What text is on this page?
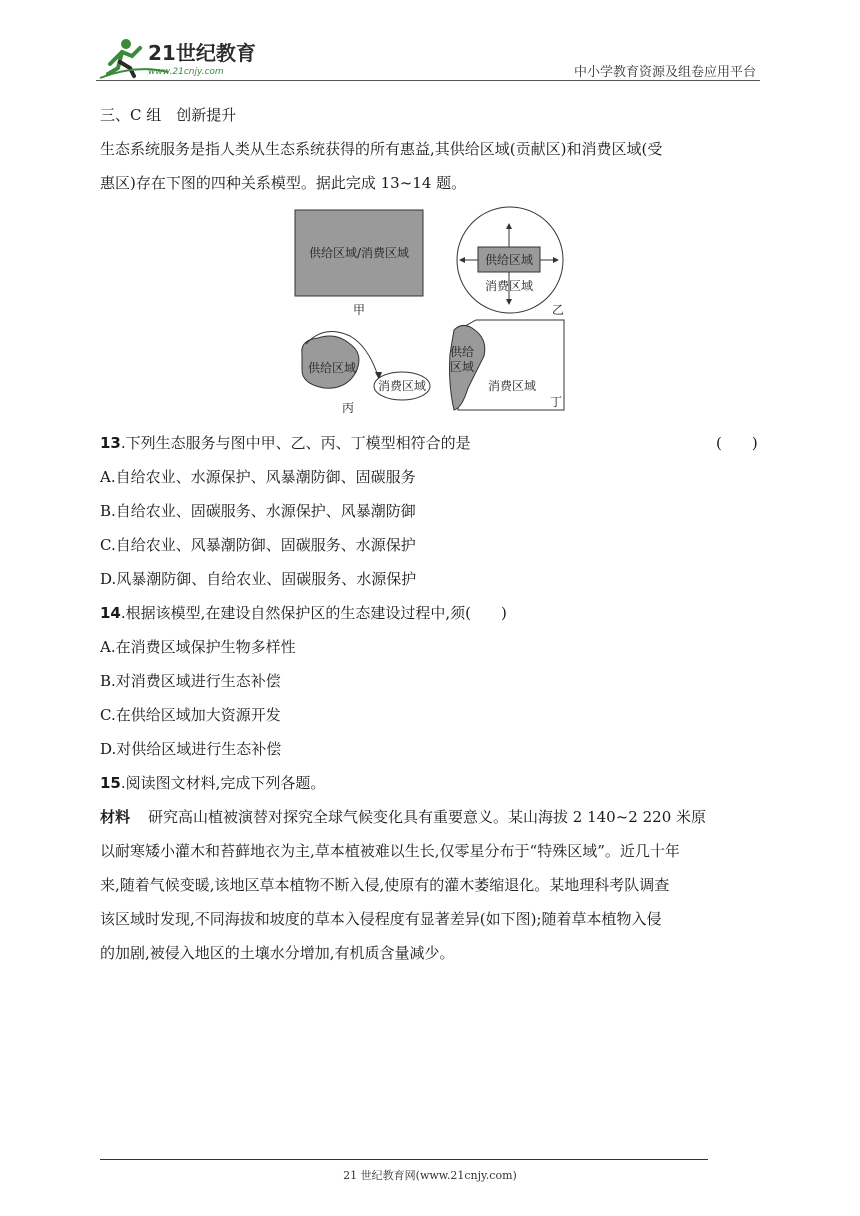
21世纪教育
www.21cnjy.com	中小学教育资源及组卷应用平台
三、C 组　创新提升
生态系统服务是指人类从生态系统获得的所有惠益,其供给区域(贡献区)和消费区域(受
惠区)存在下图的四种关系模型。据此完成 13~14 题。
供给区域/消费区域
甲
供给区域
消费区域
乙
供给区域
消费区域
丙
供给
区域
消费区域
丁
13.下列生态服务与图中甲、乙、丙、丁模型相符合的是	(　　)
A.自给农业、水源保护、风暴潮防御、固碳服务
B.自给农业、固碳服务、水源保护、风暴潮防御
C.自给农业、风暴潮防御、固碳服务、水源保护
D.风暴潮防御、自给农业、固碳服务、水源保护
14.根据该模型,在建设自然保护区的生态建设过程中,须(　　)
A.在消费区域保护生物多样性
B.对消费区域进行生态补偿
C.在供给区域加大资源开发
D.对供给区域进行生态补偿
15.阅读图文材料,完成下列各题。
材料 研究高山植被演替对探究全球气候变化具有重要意义。某山海拔 2 140~2 220 米原
以耐寒矮小灌木和苔藓地衣为主,草本植被难以生长,仅零星分布于“特殊区域”。近几十年
来,随着气候变暖,该地区草本植物不断入侵,使原有的灌木萎缩退化。某地理科考队调查
该区域时发现,不同海拔和坡度的草本入侵程度有显著差异(如下图);随着草本植物入侵
的加剧,被侵入地区的土壤水分增加,有机质含量减少。
21 世纪教育网(www.21cnjy.com)
